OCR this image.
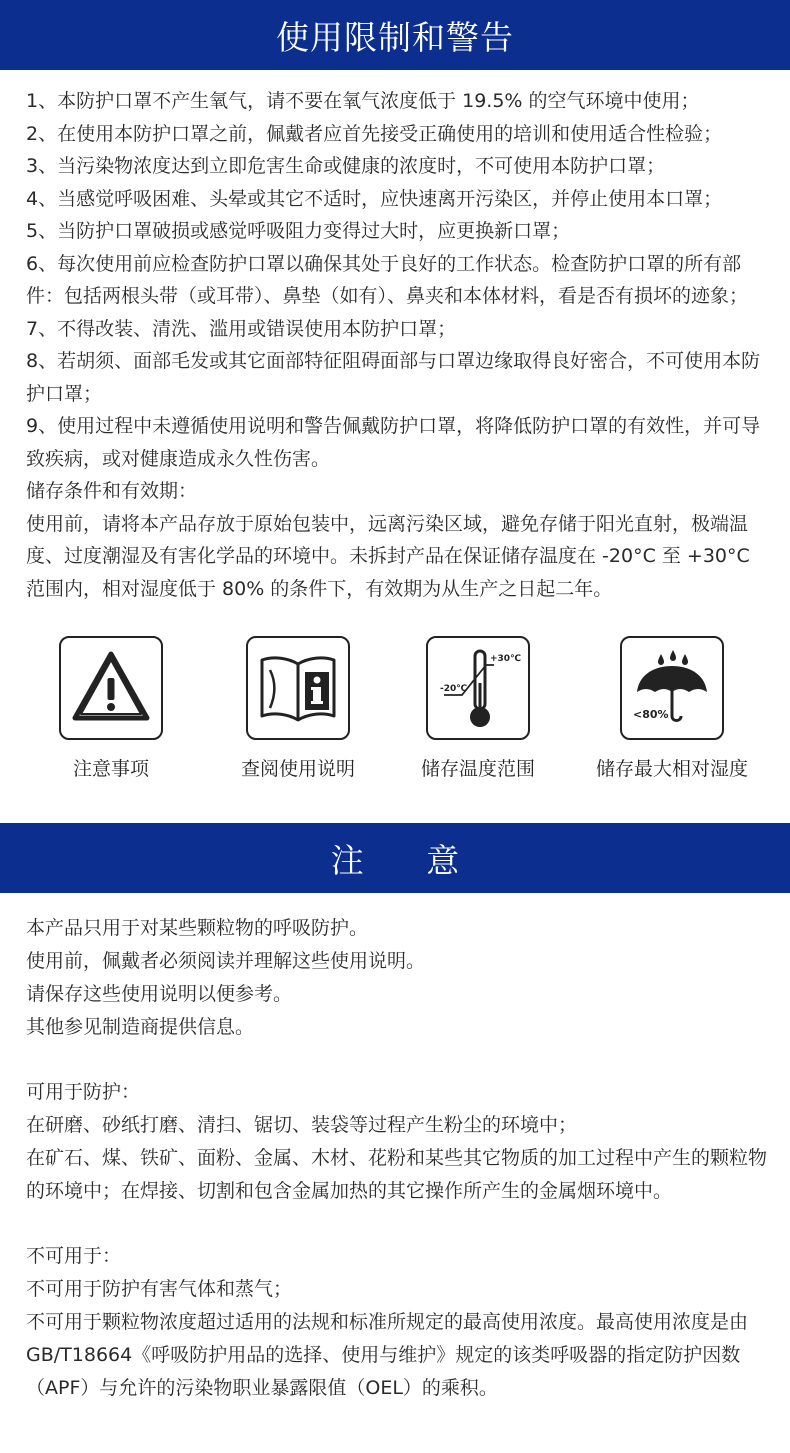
使用限制和警告

1、本防护口罩不产生氧气，请不要在氧气浓度低于 19.5% 的空气环境中使用；

2、在使用本防护口罩之前，佩戴者应首先接受正确使用的培训和使用适合性检验；

3、当污染物浓度达到立即危害生命或健康的浓度时，不可使用本防护口罩；

4、当感觉呼吸困难、头晕或其它不适时，应快速离开污染区，并停止使用本口罩；

5、当防护口罩破损或感觉呼吸阻力变得过大时，应更换新口罩；

6、每次使用前应检查防护口罩以确保其处于良好的工作状态。检查防护口罩的所有部件：包括两根头带（或耳带）、鼻垫（如有）、鼻夹和本体材料，看是否有损坏的迹象；

7、不得改装、清洗、滥用或错误使用本防护口罩；

8、若胡须、面部毛发或其它面部特征阻碍面部与口罩边缘取得良好密合，不可使用本防护口罩；

9、使用过程中未遵循使用说明和警告佩戴防护口罩，将降低防护口罩的有效性，并可导致疾病，或对健康造成永久性伤害。

储存条件和有效期：

使用前，请将本产品存放于原始包装中，远离污染区域，避免存储于阳光直射，极端温度、过度潮湿及有害化学品的环境中。未拆封产品在保证储存温度在 -20°C 至 +30°C 范围内，相对湿度低于 80% 的条件下，有效期为从生产之日起二年。

注意事项	查阅使用说明
-20℃
+30℃
储存温度范围
<80%
储存最大相对湿度
注 意

本产品只用于对某些颗粒物的呼吸防护。

使用前，佩戴者必须阅读并理解这些使用说明。

请保存这些使用说明以便参考。

其他参见制造商提供信息。

可用于防护：

在研磨、砂纸打磨、清扫、锯切、装袋等过程产生粉尘的环境中；

在矿石、煤、铁矿、面粉、金属、木材、花粉和某些其它物质的加工过程中产生的颗粒物的环境中；在焊接、切割和包含金属加热的其它操作所产生的金属烟环境中。

不可用于：

不可用于防护有害气体和蒸气；

不可用于颗粒物浓度超过适用的法规和标准所规定的最高使用浓度。最高使用浓度是由 GB/T18664《呼吸防护用品的选择、使用与维护》规定的该类呼吸器的指定防护因数（APF）与允许的污染物职业暴露限值（OEL）的乘积。
